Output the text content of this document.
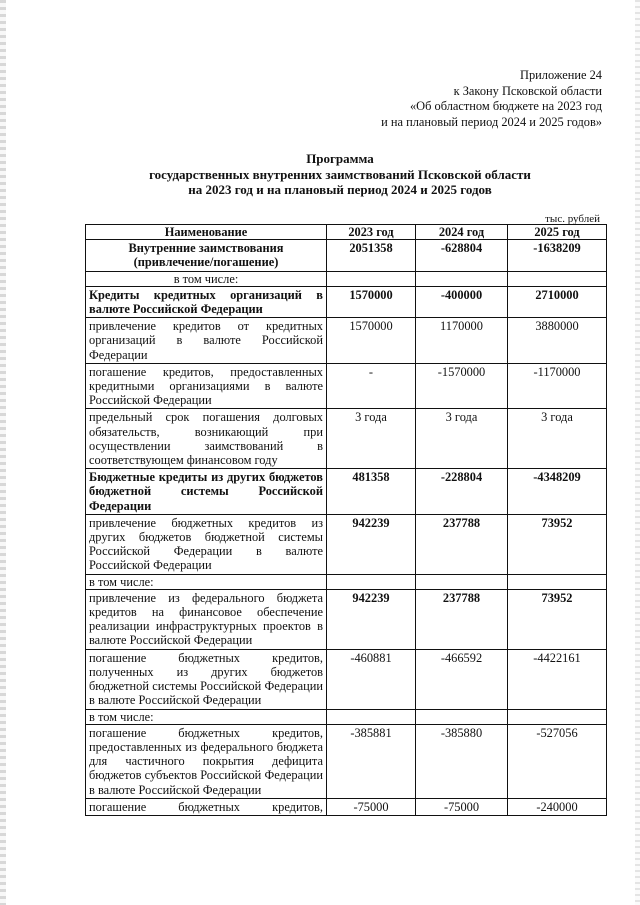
Приложение 24
к Закону Псковской области
«Об областном бюджете на 2023 год
и на плановый период 2024 и 2025 годов»
Программа
государственных внутренних заимствований Псковской области
на 2023 год и на плановый период 2024 и 2025 годов
тыс. рублей
Наименование	2023 год	2024 год	2025 год
Внутренние заимствования (привлечение/погашение)	2051358	-628804	-1638209
в том числе:			
Кредиты кредитных организаций в валюте Российской Федерации	1570000	-400000	2710000
привлечение кредитов от кредитных организаций в валюте Российской Федерации	1570000	1170000	3880000
погашение кредитов, предоставленных кредитными организациями в валюте Российской Федерации	-	-1570000	-1170000
предельный срок погашения долговых обязательств, возникающий при осуществлении заимствований в соответствующем финансовом году	3 года	3 года	3 года
Бюджетные кредиты из других бюджетов бюджетной системы Российской Федерации	481358	-228804	-4348209
привлечение бюджетных кредитов из других бюджетов бюджетной системы Российской Федерации в валюте Российской Федерации	942239	237788	73952
в том числе:			
привлечение из федерального бюджета кредитов на финансовое обеспечение реализации инфраструктурных проектов в валюте Российской Федерации	942239	237788	73952
погашение бюджетных кредитов, полученных из других бюджетов бюджетной системы Российской Федерации в валюте Российской Федерации	-460881	-466592	-4422161
в том числе:			
погашение бюджетных кредитов, предоставленных из федерального бюджета для частичного покрытия дефицита бюджетов субъектов Российской Федерации в валюте Российской Федерации	-385881	-385880	-527056
погашение бюджетных кредитов,	-75000	-75000	-240000
